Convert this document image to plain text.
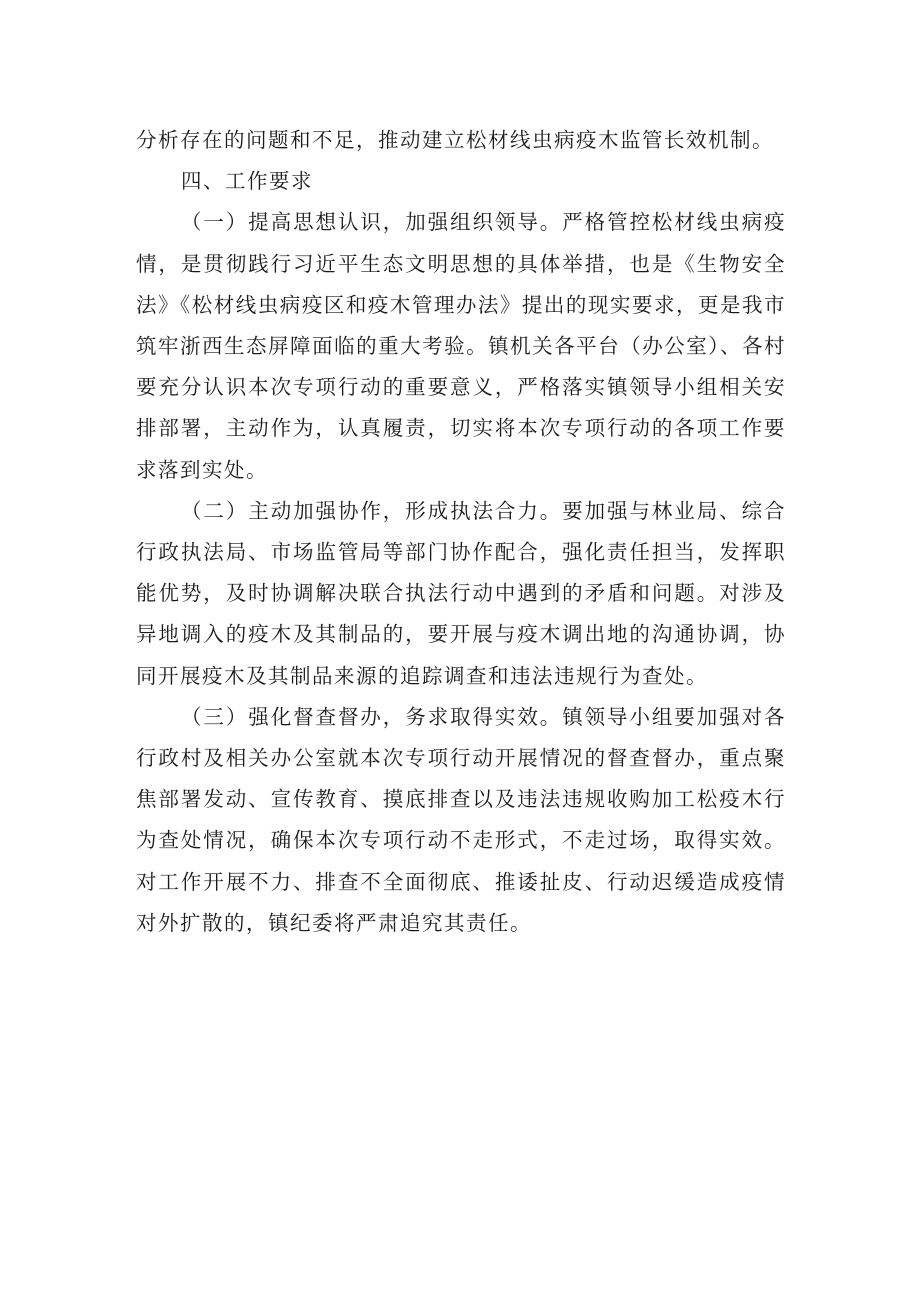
分析存在的问题和不足，推动建立松材线虫病疫木监管长效机制。

四、工作要求

（一）提高思想认识，加强组织领导。严格管控松材线虫病疫情，是贯彻践行习近平生态文明思想的具体举措，也是《生物安全法》《松材线虫病疫区和疫木管理办法》提出的现实要求，更是我市筑牢浙西生态屏障面临的重大考验。镇机关各平台（办公室）、各村要充分认识本次专项行动的重要意义，严格落实镇领导小组相关安排部署，主动作为，认真履责，切实将本次专项行动的各项工作要求落到实处。

（二）主动加强协作，形成执法合力。要加强与林业局、综合行政执法局、市场监管局等部门协作配合，强化责任担当，发挥职能优势，及时协调解决联合执法行动中遇到的矛盾和问题。对涉及异地调入的疫木及其制品的，要开展与疫木调出地的沟通协调，协同开展疫木及其制品来源的追踪调查和违法违规行为查处。

（三）强化督查督办，务求取得实效。镇领导小组要加强对各行政村及相关办公室就本次专项行动开展情况的督查督办，重点聚焦部署发动、宣传教育、摸底排查以及违法违规收购加工松疫木行为查处情况，确保本次专项行动不走形式，不走过场，取得实效。对工作开展不力、排查不全面彻底、推诿扯皮、行动迟缓造成疫情对外扩散的，镇纪委将严肃追究其责任。
